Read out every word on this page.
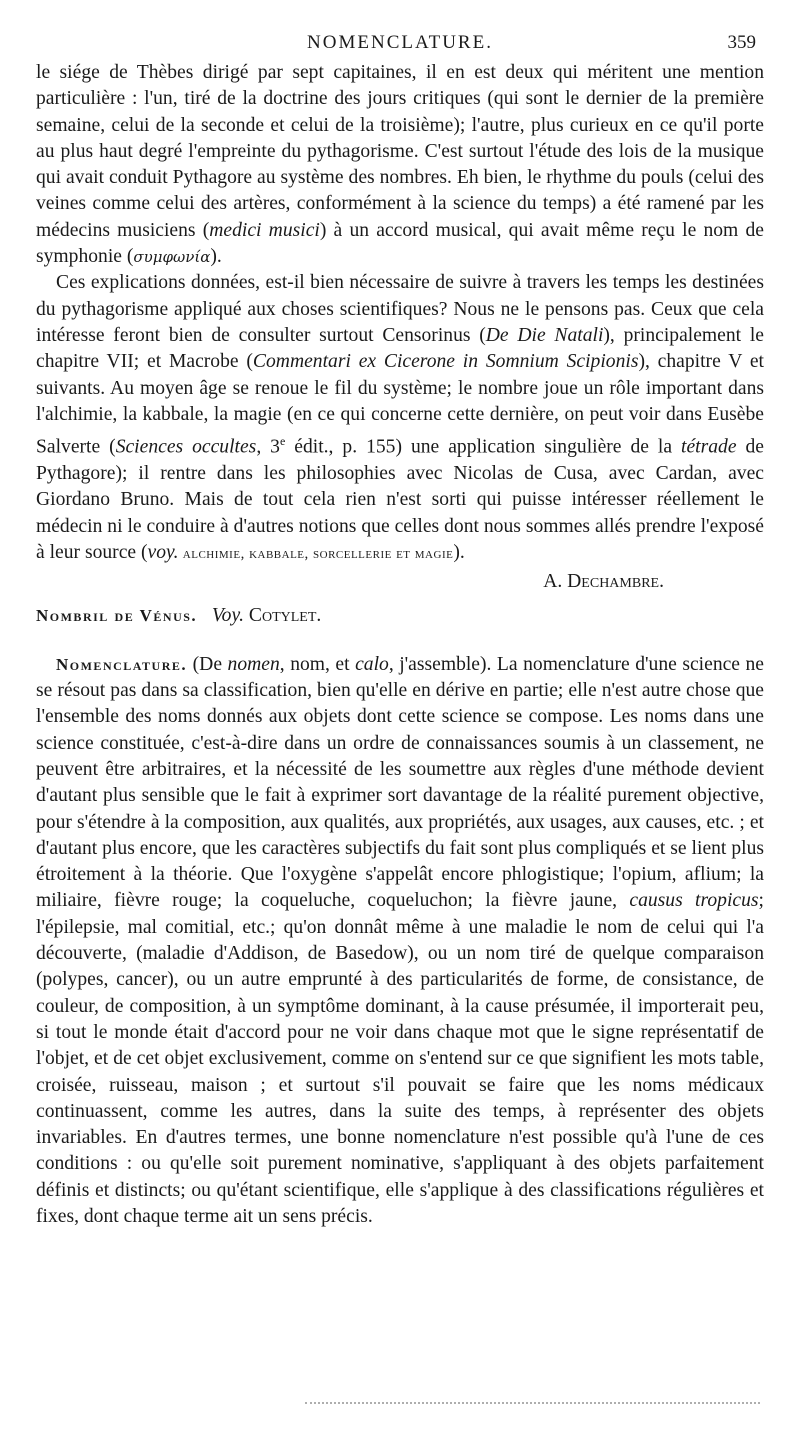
NOMENCLATURE.	359

le siége de Thèbes dirigé par sept capitaines, il en est deux qui méritent une mention particulière : l'un, tiré de la doctrine des jours critiques (qui sont le dernier de la première semaine, celui de la seconde et celui de la troisième); l'autre, plus curieux en ce qu'il porte au plus haut degré l'empreinte du pythagorisme. C'est surtout l'étude des lois de la musique qui avait conduit Pythagore au système des nombres. Eh bien, le rhythme du pouls (celui des veines comme celui des artères, conformément à la science du temps) a été ramené par les médecins musiciens (medici musici) à un accord musical, qui avait même reçu le nom de symphonie (συμφωνία).

Ces explications données, est-il bien nécessaire de suivre à travers les temps les destinées du pythagorisme appliqué aux choses scientifiques? Nous ne le pensons pas. Ceux que cela intéresse feront bien de consulter surtout Censorinus (De Die Natali), principalement le chapitre VII; et Macrobe (Commentari ex Cicerone in Somnium Scipionis), chapitre V et suivants. Au moyen âge se renoue le fil du système; le nombre joue un rôle important dans l'alchimie, la kabbale, la magie (en ce qui concerne cette dernière, on peut voir dans Eusèbe Salverte (Sciences occultes, 3e édit., p. 155) une application singulière de la tétrade de Pythagore); il rentre dans les philosophies avec Nicolas de Cusa, avec Cardan, avec Giordano Bruno. Mais de tout cela rien n'est sorti qui puisse intéresser réellement le médecin ni le conduire à d'autres notions que celles dont nous sommes allés prendre l'exposé à leur source (voy. alchimie, kabbale, sorcellerie et magie).

A. Dechambre.

Nombril de Vénus. Voy. Cotylet.

Nomenclature. (De nomen, nom, et calo, j'assemble). La nomenclature d'une science ne se résout pas dans sa classification, bien qu'elle en dérive en partie; elle n'est autre chose que l'ensemble des noms donnés aux objets dont cette science se compose. Les noms dans une science constituée, c'est-à-dire dans un ordre de connaissances soumis à un classement, ne peuvent être arbitraires, et la nécessité de les soumettre aux règles d'une méthode devient d'autant plus sensible que le fait à exprimer sort davantage de la réalité purement objective, pour s'étendre à la composition, aux qualités, aux propriétés, aux usages, aux causes, etc. ; et d'autant plus encore, que les caractères subjectifs du fait sont plus compliqués et se lient plus étroitement à la théorie. Que l'oxygène s'appelât encore phlogistique; l'opium, aflium; la miliaire, fièvre rouge; la coqueluche, coqueluchon; la fièvre jaune, causus tropicus; l'épilepsie, mal comitial, etc.; qu'on donnât même à une maladie le nom de celui qui l'a découverte, (maladie d'Addison, de Basedow), ou un nom tiré de quelque comparaison (polypes, cancer), ou un autre emprunté à des particularités de forme, de consistance, de couleur, de composition, à un symptôme dominant, à la cause présumée, il importerait peu, si tout le monde était d'accord pour ne voir dans chaque mot que le signe représentatif de l'objet, et de cet objet exclusivement, comme on s'entend sur ce que signifient les mots table, croisée, ruisseau, maison ; et surtout s'il pouvait se faire que les noms médicaux continuassent, comme les autres, dans la suite des temps, à représenter des objets invariables. En d'autres termes, une bonne nomenclature n'est possible qu'à l'une de ces conditions : ou qu'elle soit purement nominative, s'appliquant à des objets parfaitement définis et distincts; ou qu'étant scientifique, elle s'applique à des classifications régulières et fixes, dont chaque terme ait un sens précis.
